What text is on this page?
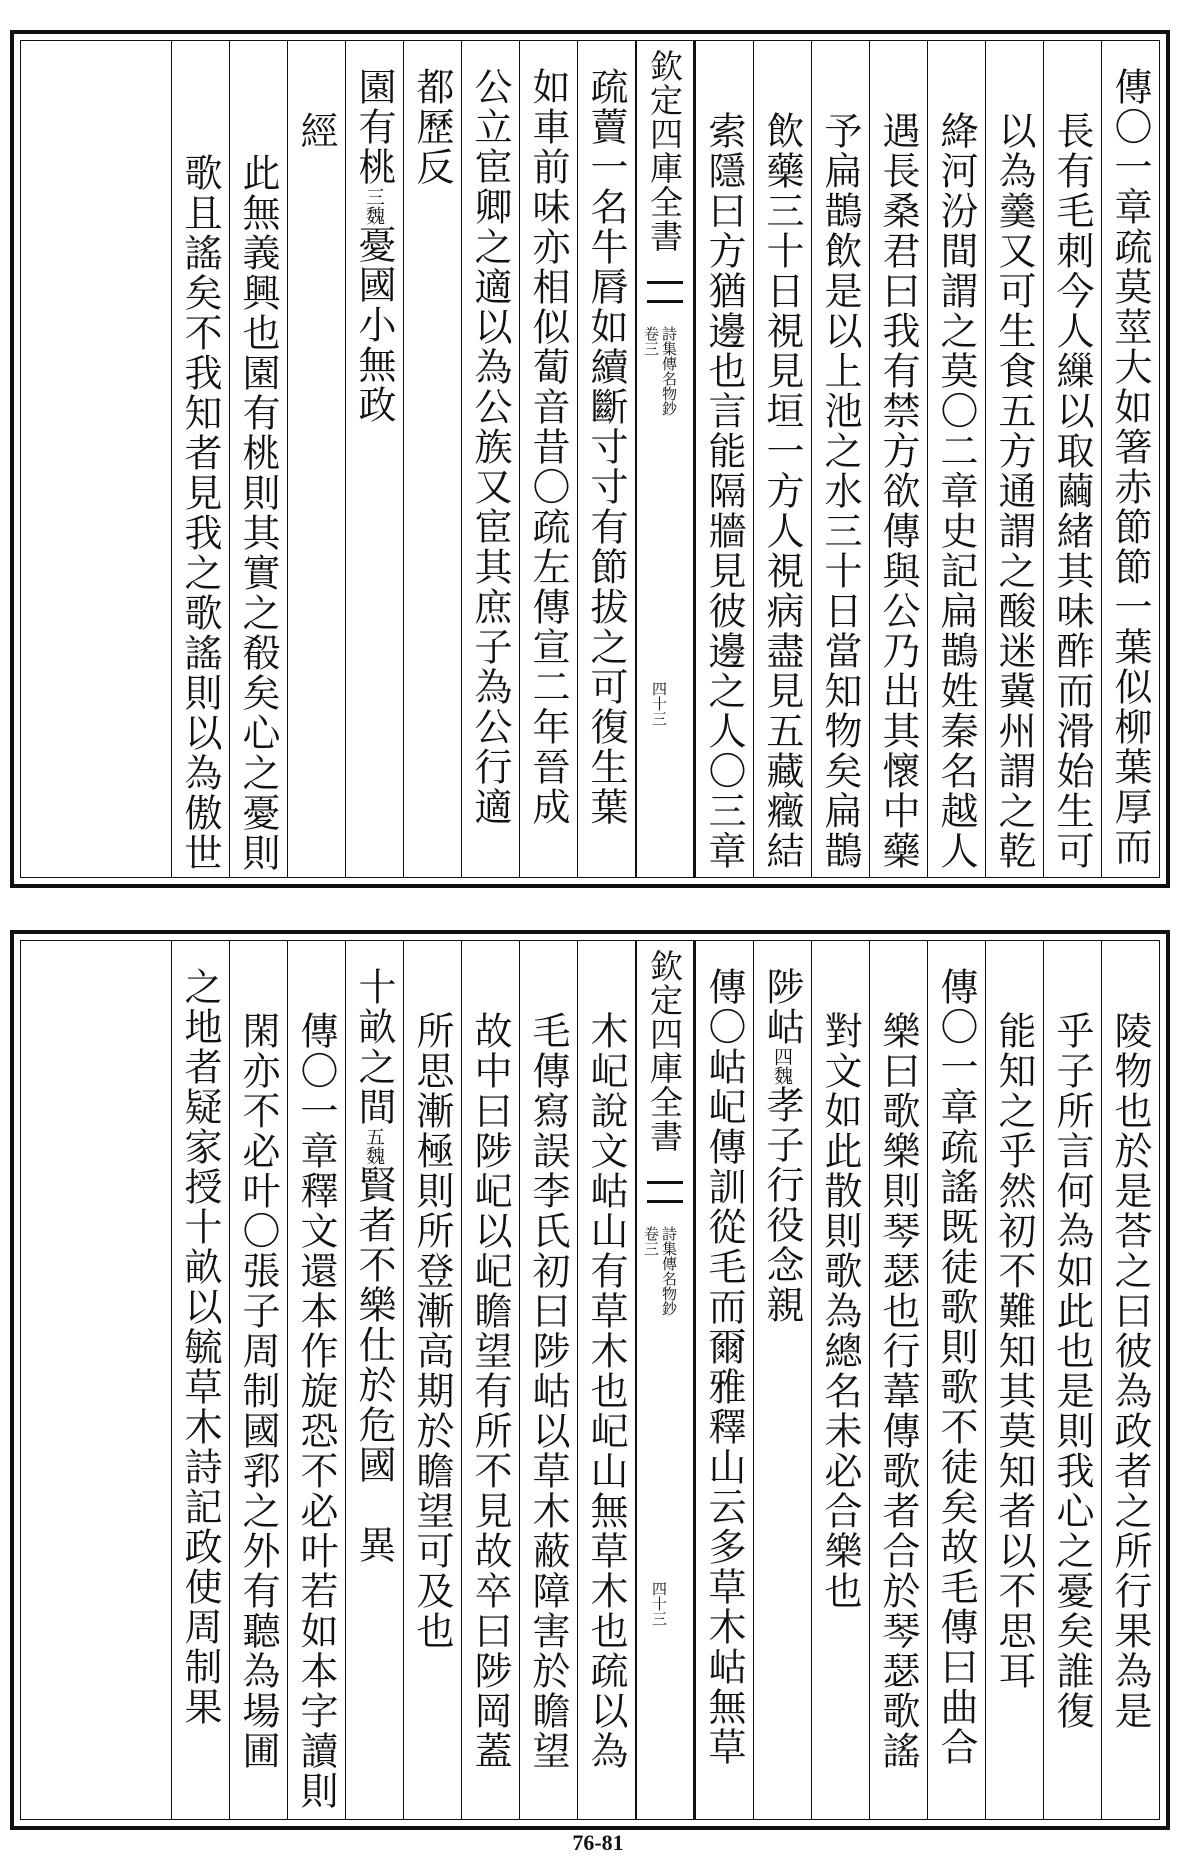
傳〇一章疏莫莖大如箸赤節節一葉似柳葉厚而
長有毛刺今人繅以取繭緒其味酢而滑始生可
以為羹又可生食五方通謂之酸迷冀州謂之乾
絳河汾間謂之莫〇二章史記扁鵲姓秦名越人
遇長桑君曰我有禁方欲傳與公乃出其懷中藥
予扁鵲飲是以上池之水三十日當知物矣扁鵲
飲藥三十日視見垣一方人視病盡見五藏癥結
索隱曰方猶邊也言能隔牆見彼邊之人〇三章
欽定四庫全書
詩集傳名物鈔
卷三
四十三
疏藚一名牛脣如續斷寸寸有節拔之可復生葉
如車前味亦相似蔔音昔〇疏左傳宣二年晉成
公立宦卿之適以為公族又宦其庶子為公行適
都歷反
園有桃三魏憂國小無政
經
此無義興也園有桃則其實之殽矣心之憂則
歌且謠矣不我知者見我之歌謠則以為傲世
陵物也於是荅之曰彼為政者之所行果為是
乎子所言何為如此也是則我心之憂矣誰復
能知之乎然初不難知其莫知者以不思耳
傳〇一章疏謠既徒歌則歌不徒矣故毛傳曰曲合
樂曰歌樂則琴瑟也行葦傳歌者合於琴瑟歌謠
對文如此散則歌為總名未必合樂也
陟岵四魏孝子行役念親
傳〇岵屺傳訓從毛而爾雅釋山云多草木岵無草
欽定四庫全書
詩集傳名物鈔
卷三
四十三
木屺說文岵山有草木也屺山無草木也疏以為
毛傳寫誤李氏初曰陟岵以草木蔽障害於瞻望
故中曰陟屺以屺瞻望有所不見故卒曰陟岡蓋
所思漸極則所登漸高期於瞻望可及也
十畝之間五魏賢者不樂仕於危國　異
傳〇一章釋文還本作旋恐不必叶若如本字讀則
閑亦不必叶〇張子周制國郛之外有聽為場圃
之地者疑家授十畝以毓草木詩記政使周制果
76-81
